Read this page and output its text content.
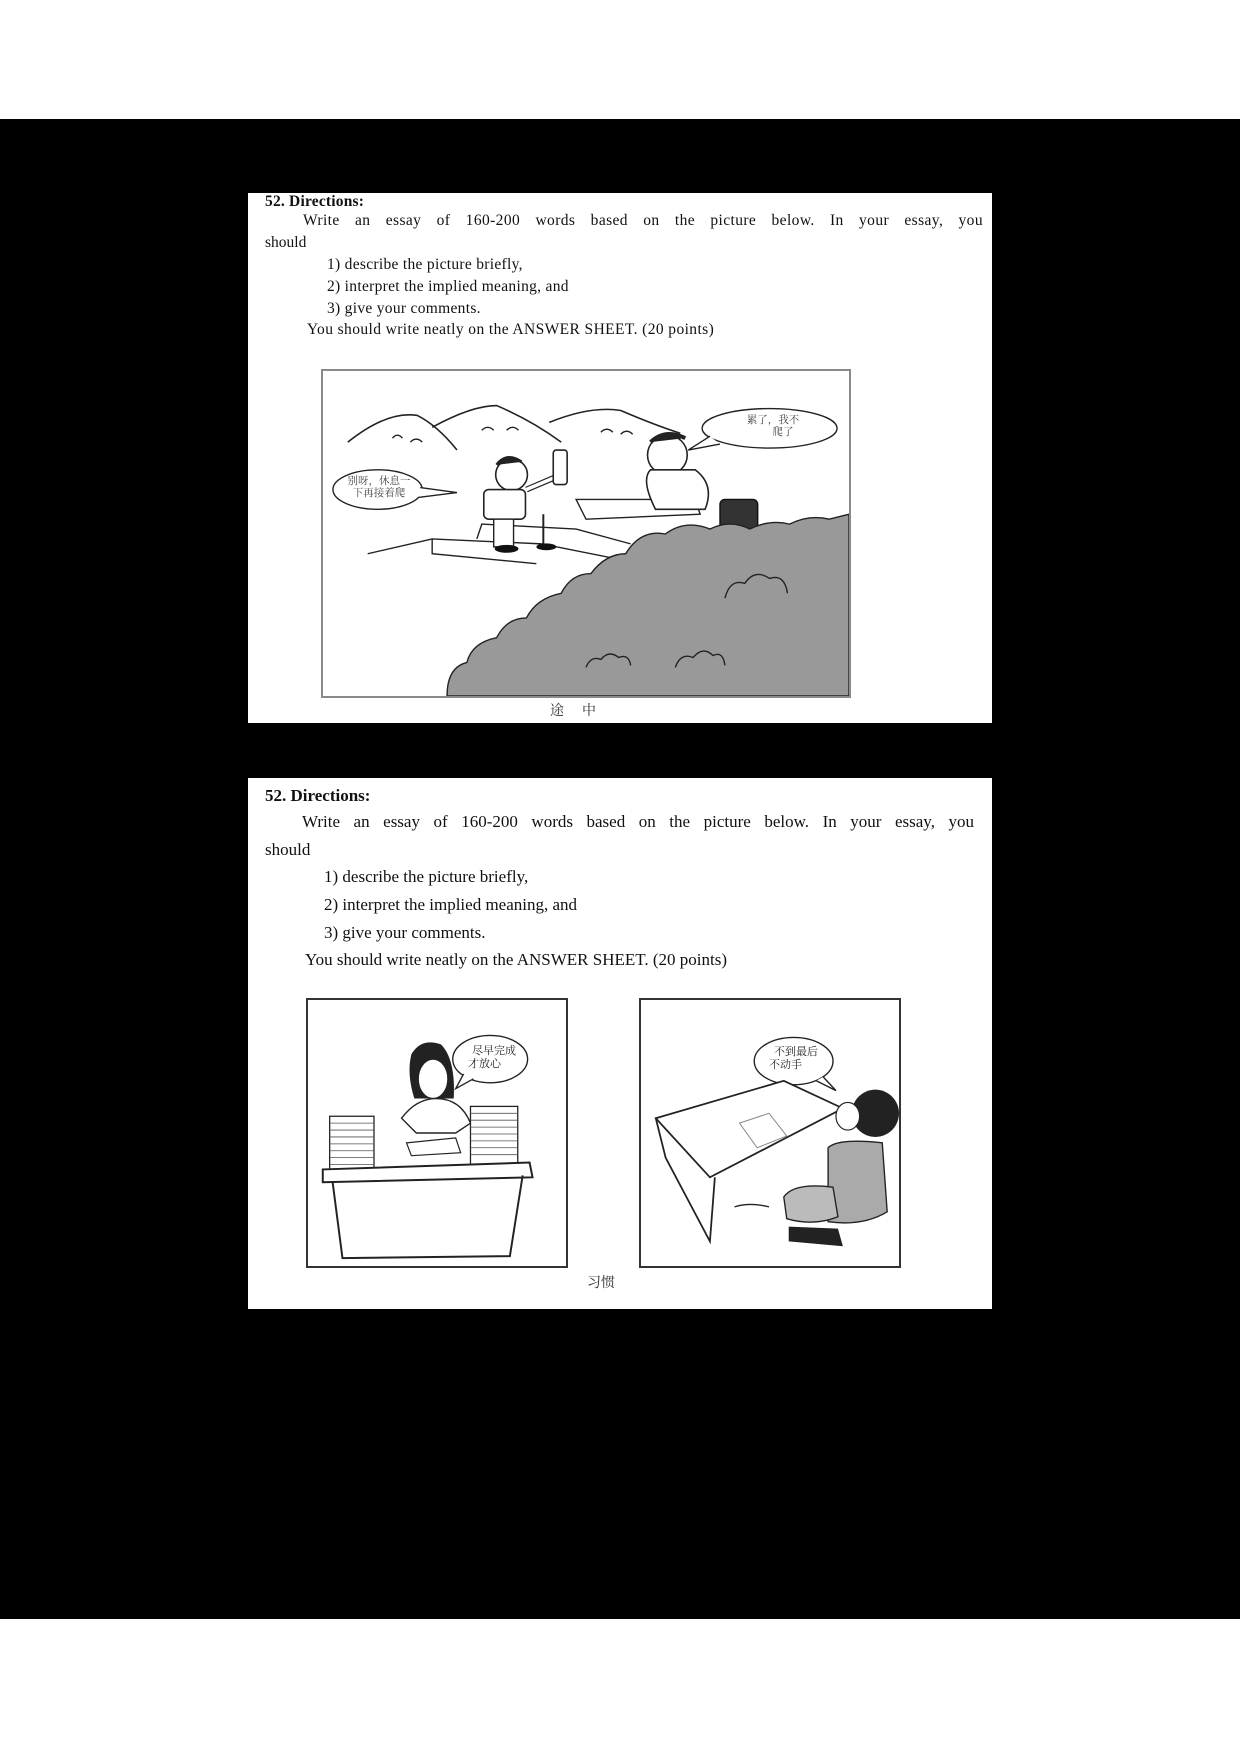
52. Directions:
Write an essay of 160-200 words based on the picture below. In your essay, you
should
1) describe the picture briefly,
2) interpret the implied meaning, and
3) give your comments.
You should write neatly on the ANSWER SHEET. (20 points)
别呀，休息一
下再接着爬
累了，我不
爬了
途中
52. Directions:
Write an essay of 160-200 words based on the picture below. In your essay, you
should
1) describe the picture briefly,
2) interpret the implied meaning, and
3) give your comments.
You should write neatly on the ANSWER SHEET. (20 points)
尽早完成
才放心
不到最后
不动手
习惯
